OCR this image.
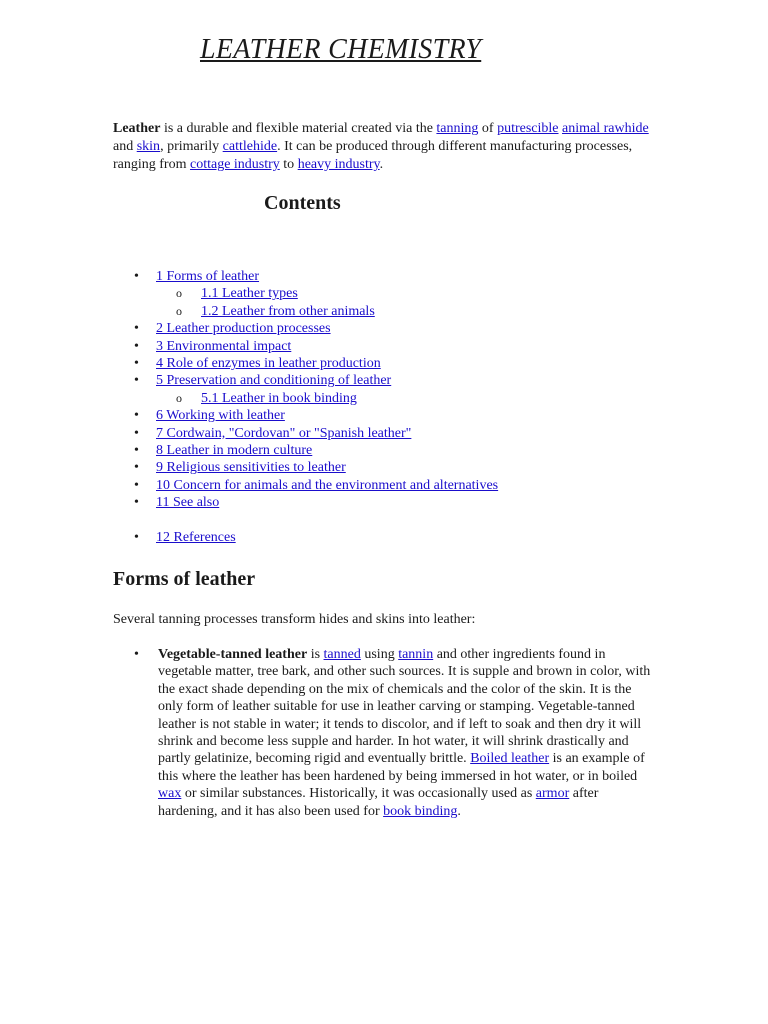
LEATHER CHEMISTRY

Leather is a durable and flexible material created via the tanning of putrescible animal rawhide and skin, primarily cattlehide. It can be produced through different manufacturing processes, ranging from cottage industry to heavy industry.

Contents
• 1 Forms of leather
o 1.1 Leather types
o 1.2 Leather from other animals
• 2 Leather production processes
• 3 Environmental impact
• 4 Role of enzymes in leather production
• 5 Preservation and conditioning of leather
o 5.1 Leather in book binding
• 6 Working with leather
• 7 Cordwain, "Cordovan" or "Spanish leather"
• 8 Leather in modern culture
• 9 Religious sensitivities to leather
• 10 Concern for animals and the environment and alternatives
• 11 See also
• 12 References
Forms of leather

Several tanning processes transform hides and skins into leather:

• Vegetable-tanned leather is tanned using tannin and other ingredients found in vegetable matter, tree bark, and other such sources. It is supple and brown in color, with the exact shade depending on the mix of chemicals and the color of the skin. It is the only form of leather suitable for use in leather carving or stamping. Vegetable-tanned leather is not stable in water; it tends to discolor, and if left to soak and then dry it will shrink and become less supple and harder. In hot water, it will shrink drastically and partly gelatinize, becoming rigid and eventually brittle. Boiled leather is an example of this where the leather has been hardened by being immersed in hot water, or in boiled wax or similar substances. Historically, it was occasionally used as armor after hardening, and it has also been used for book binding.
